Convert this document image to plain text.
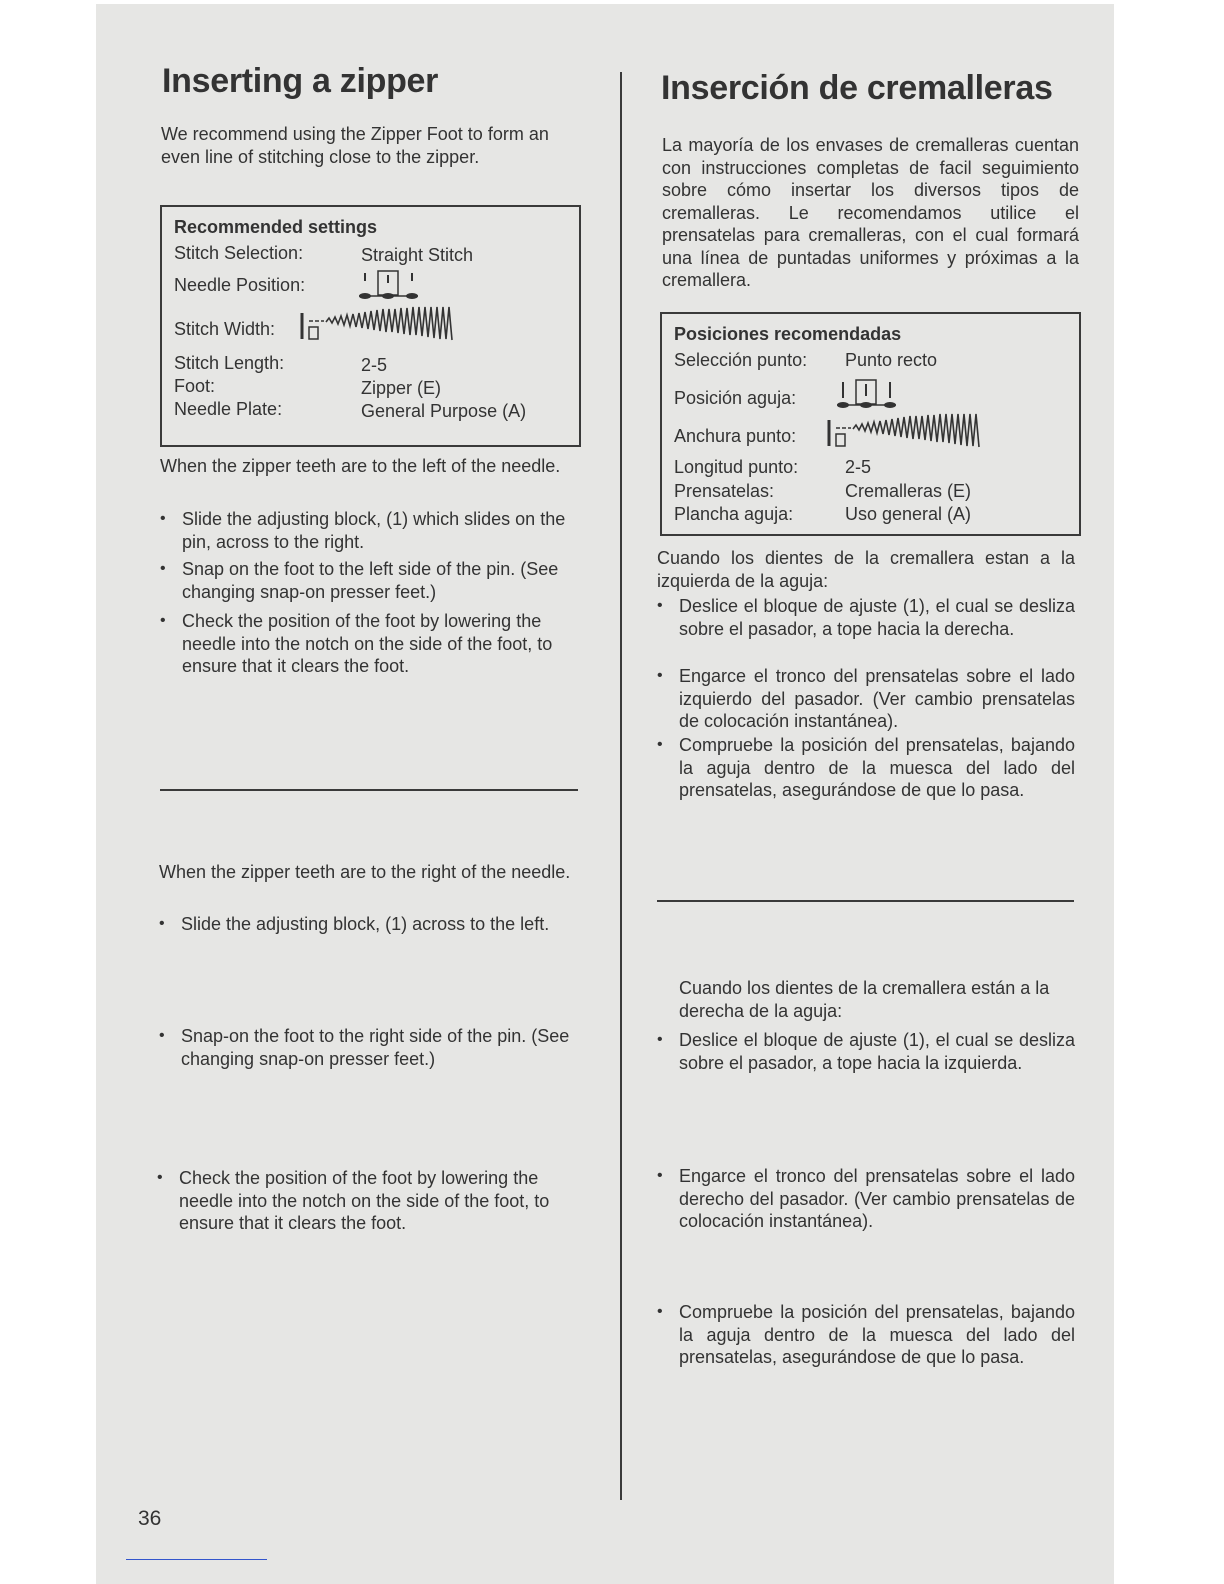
Inserting a zipper

We recommend using the Zipper Foot to form an even line of stitching close to the zipper.

Recommended settings
Stitch Selection:	Straight Stitch
Needle Position:
Stitch Width:
Stitch Length:	2-5
Foot:	Zipper (E)
Needle Plate:	General Purpose (A)

When the zipper teeth are to the left of the needle.

• Slide the adjusting block, (1) which slides on the pin, across to the right.
• Snap on the foot to the left side of the pin. (See changing snap-on presser feet.)
• Check the position of the foot by lowering the needle into the notch on the side of the foot, to ensure that it clears the foot.

When the zipper teeth are to the right of the needle.

• Slide the adjusting block, (1) across to the left.
• Snap-on the foot to the right side of the pin. (See changing snap-on presser feet.)
• Check the position of the foot by lowering the needle into the notch on the side of the foot, to ensure that it clears the foot.
36
Inserción de cremalleras

La mayoría de los envases de cremalleras cuentan con instrucciones completas de facil seguimiento sobre cómo insertar los diversos tipos de cremalleras. Le recomendamos utilice el prensatelas para cremalleras, con el cual formará una línea de puntadas uniformes y próximas a la cremallera.

Posiciones recomendadas
Selección punto: Punto recto
Posición aguja:
Anchura punto:
Longitud punto:	2-5
Prensatelas:	Cremalleras (E)
Plancha aguja:	Uso general (A)

Cuando los dientes de la cremallera estan a la izquierda de la aguja:

• Deslice el bloque de ajuste (1), el cual se desliza sobre el pasador, a tope hacia la derecha.
• Engarce el tronco del prensatelas sobre el lado izquierdo del pasador. (Ver cambio prensatelas de colocación instantánea).
• Compruebe la posición del prensatelas, bajando la aguja dentro de la muesca del lado del prensatelas, asegurándose de que lo pasa.

Cuando los dientes de la cremallera están a la derecha de la aguja:

• Deslice el bloque de ajuste (1), el cual se desliza sobre el pasador, a tope hacia la izquierda.
• Engarce el tronco del prensatelas sobre el lado derecho del pasador. (Ver cambio prensatelas de colocación instantánea).
• Compruebe la posición del prensatelas, bajando la aguja dentro de la muesca del lado del prensatelas, asegurándose de que lo pasa.
